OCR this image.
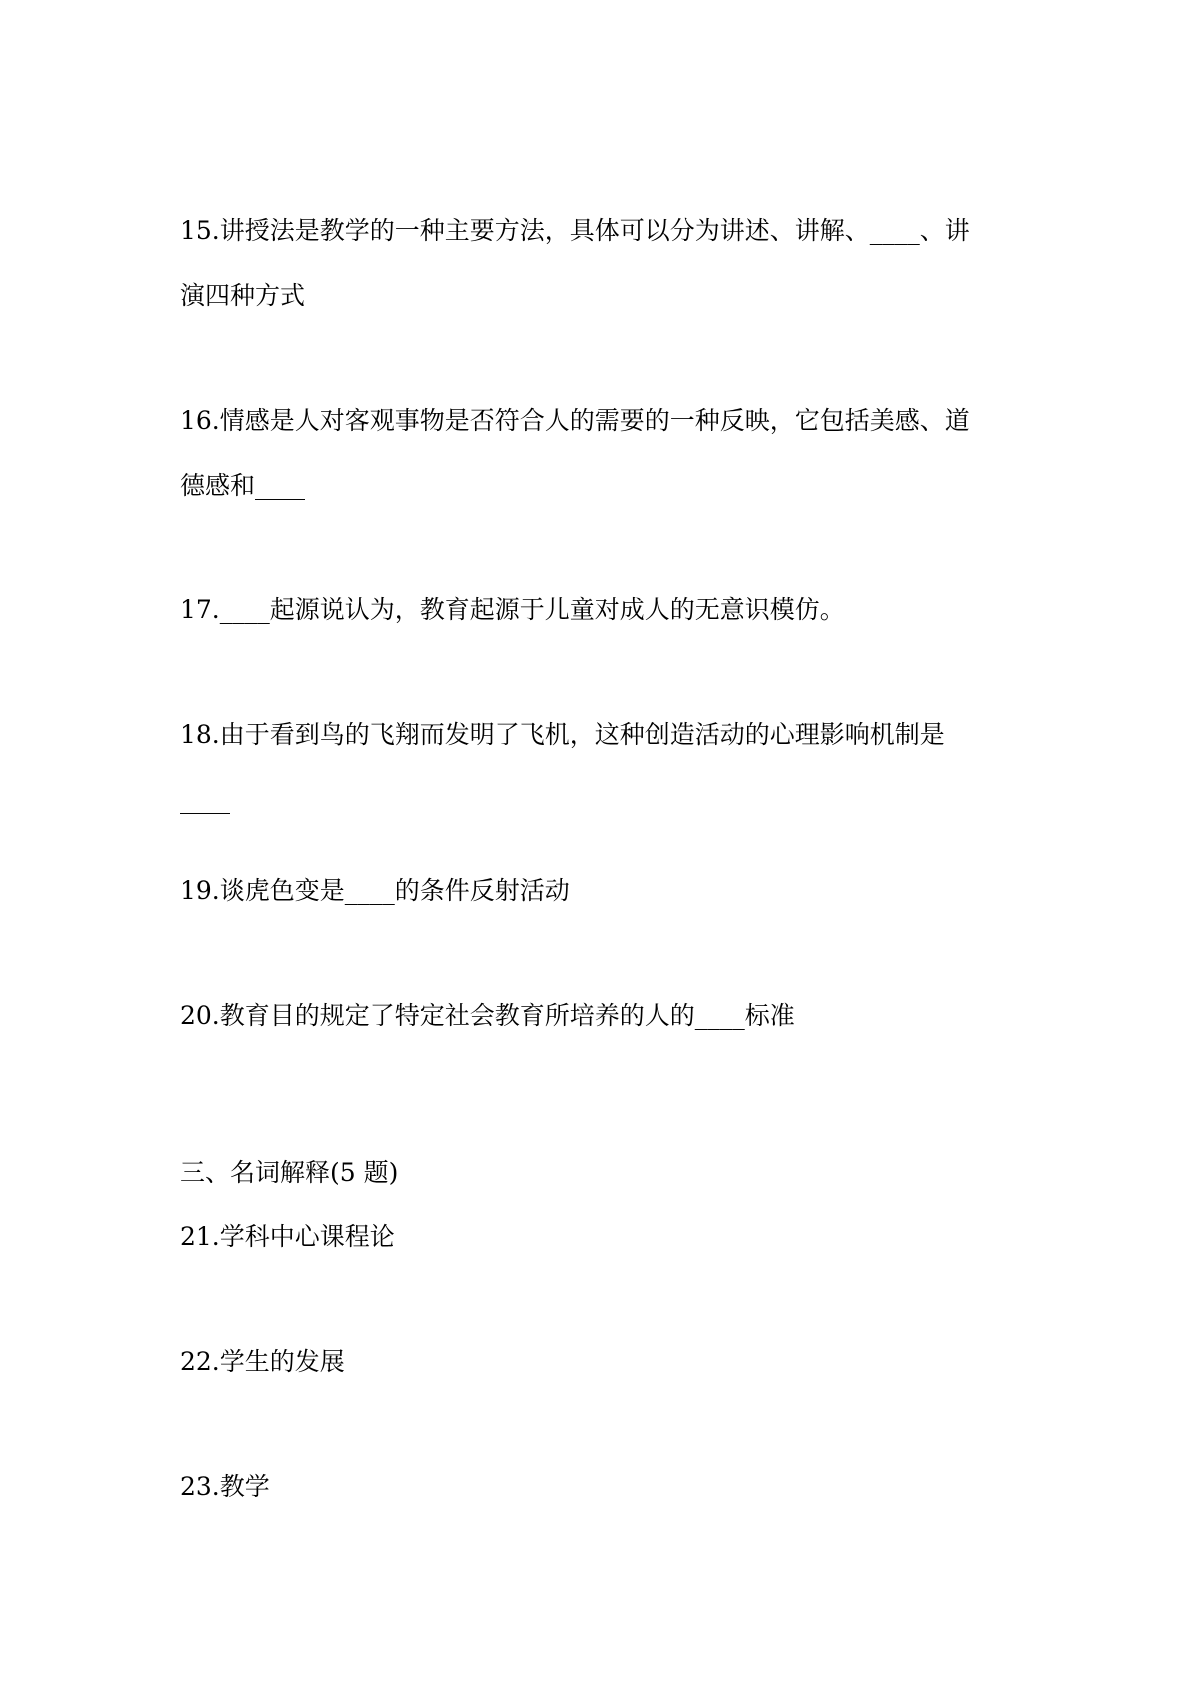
15.讲授法是教学的一种主要方法，具体可以分为讲述、讲解、____、讲
演四种方式
16.情感是人对客观事物是否符合人的需要的一种反映，它包括美感、道
德感和____
17.____起源说认为，教育起源于儿童对成人的无意识模仿。
18.由于看到鸟的飞翔而发明了飞机，这种创造活动的心理影响机制是
____
19.谈虎色变是____的条件反射活动
20.教育目的规定了特定社会教育所培养的人的____标准
三、名词解释(5 题)
21.学科中心课程论
22.学生的发展
23.教学
